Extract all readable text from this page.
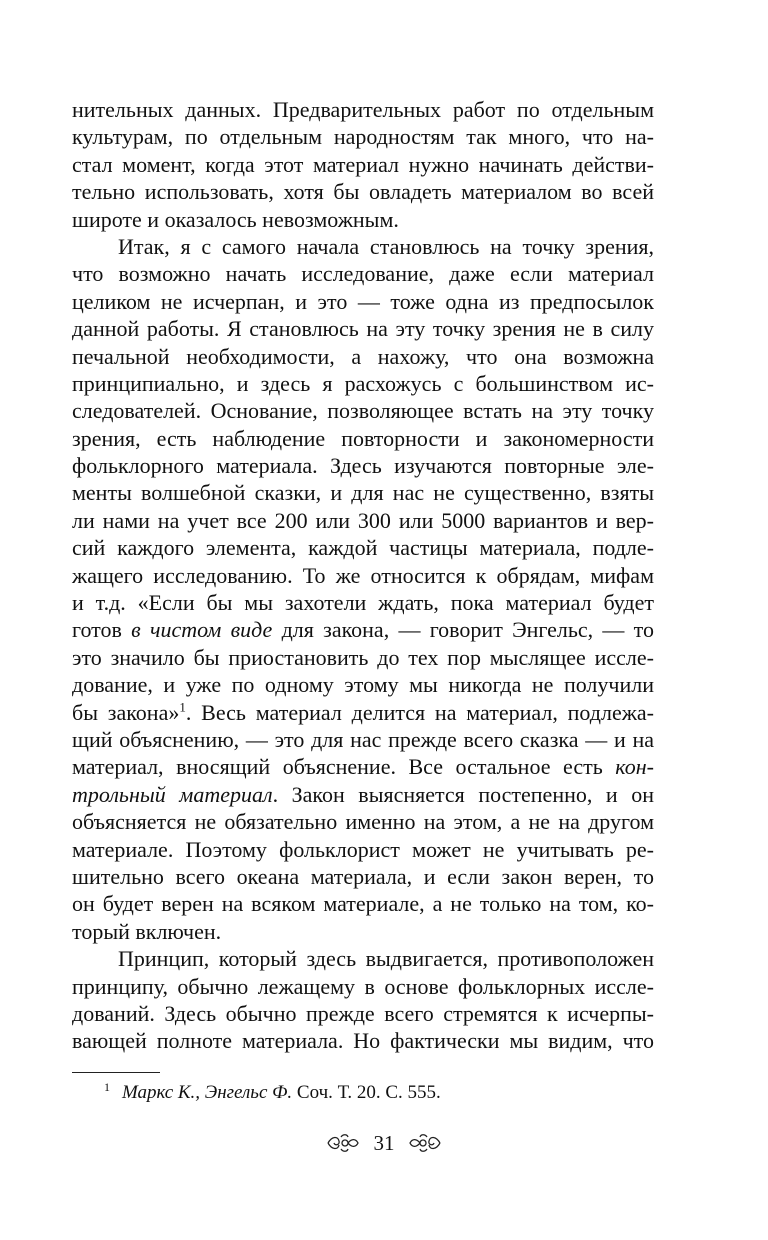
нительных данных. Предварительных работ по отдельным
культурам, по отдельным народностям так много, что на-
стал момент, когда этот материал нужно начинать действи-
тельно использовать, хотя бы овладеть материалом во всей
широте и оказалось невозможным.
Итак, я с самого начала становлюсь на точку зрения,
что возможно начать исследование, даже если материал
целиком не исчерпан, и это — тоже одна из предпосылок
данной работы. Я становлюсь на эту точку зрения не в силу
печальной необходимости, а нахожу, что она возможна
принципиально, и здесь я расхожусь с большинством ис-
следователей. Основание, позволяющее встать на эту точку
зрения, есть наблюдение повторности и закономерности
фольклорного материала. Здесь изучаются повторные эле-
менты волшебной сказки, и для нас не существенно, взяты
ли нами на учет все 200 или 300 или 5000 вариантов и вер-
сий каждого элемента, каждой частицы материала, подле-
жащего исследованию. То же относится к обрядам, мифам
и т.д. «Если бы мы захотели ждать, пока материал будет
готов в чистом виде для закона, — говорит Энгельс, — то
это значило бы приостановить до тех пор мыслящее иссле-
дование, и уже по одному этому мы никогда не получили
бы закона»$^1$. Весь материал делится на материал, подлежа-
щий объяснению, — это для нас прежде всего сказка — и на
материал, вносящий объяснение. Все остальное есть кон-
трольный материал. Закон выясняется постепенно, и он
объясняется не обязательно именно на этом, а не на другом
материале. Поэтому фольклорист может не учитывать ре-
шительно всего океана материала, и если закон верен, то
он будет верен на всяком материале, а не только на том, ко-
торый включен.
Принцип, который здесь выдвигается, противоположен
принципу, обычно лежащему в основе фольклорных иссле-
дований. Здесь обычно прежде всего стремятся к исчерпы-
вающей полноте материала. Но фактически мы видим, что
$^1$ Маркс К., Энгельс Ф. Соч. Т. 20. С. 555.
31
